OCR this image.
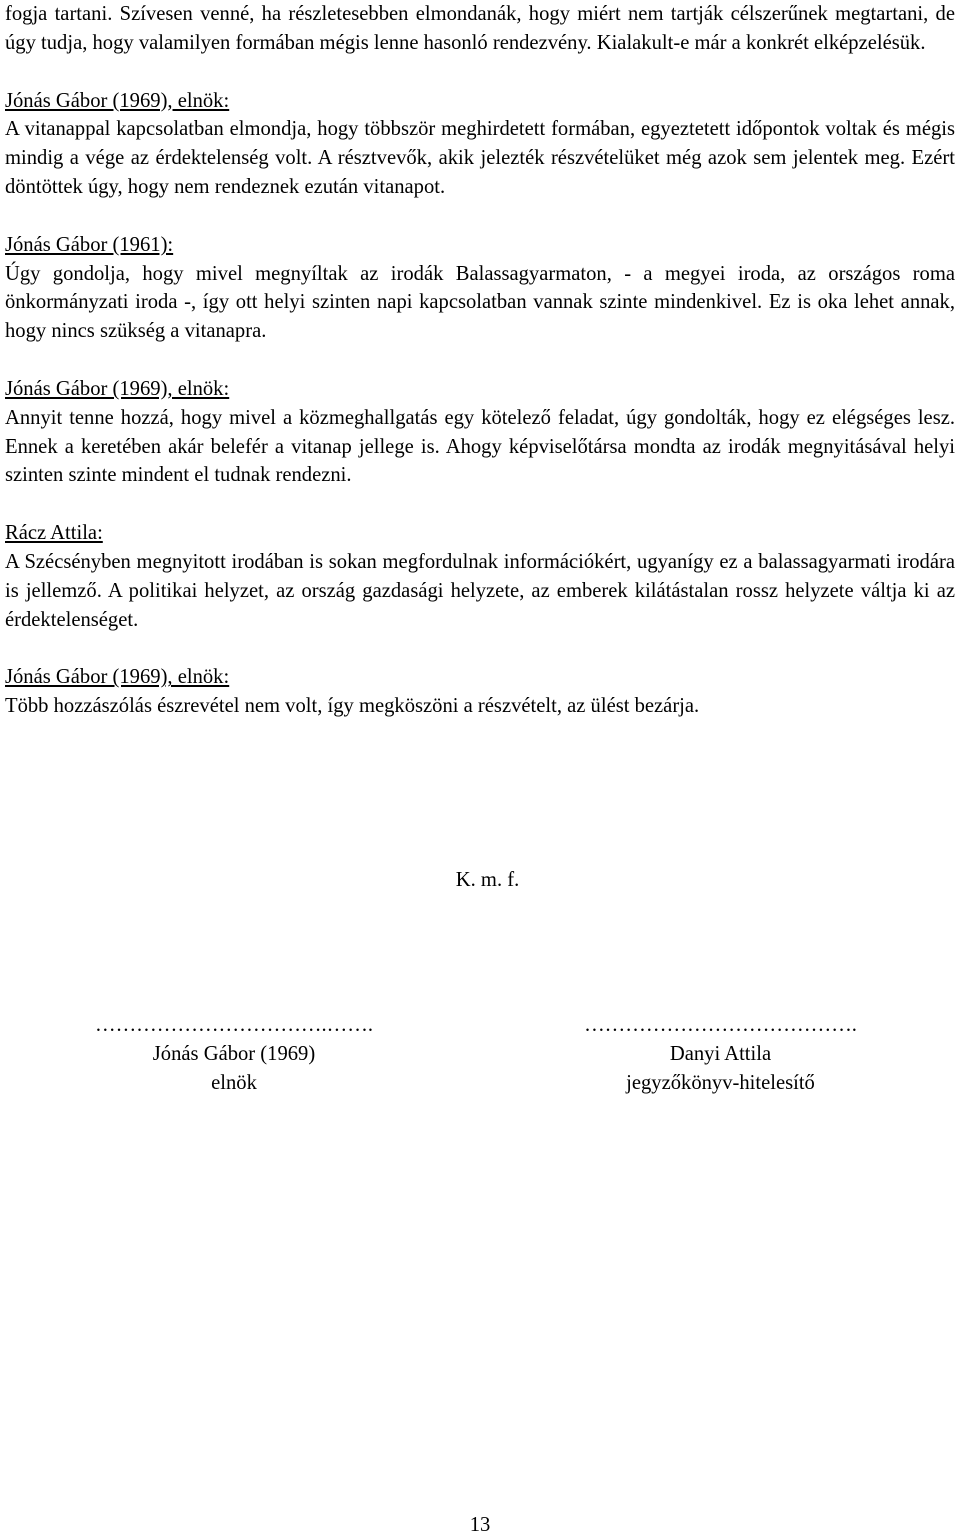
fogja tartani. Szívesen venné, ha részletesebben elmondanák, hogy miért nem tartják célszerűnek megtartani, de úgy tudja, hogy valamilyen formában mégis lenne hasonló rendezvény. Kialakult-e már a konkrét elképzelésük.

Jónás Gábor (1969), elnök:

A vitanappal kapcsolatban elmondja, hogy többször meghirdetett formában, egyeztetett időpontok voltak és mégis mindig a vége az érdektelenség volt. A résztvevők, akik jelezték részvételüket még azok sem jelentek meg. Ezért döntöttek úgy, hogy nem rendeznek ezután vitanapot.

Jónás Gábor (1961):

Úgy gondolja, hogy mivel megnyíltak az irodák Balassagyarmaton, - a megyei iroda, az országos roma önkormányzati iroda -, így ott helyi szinten napi kapcsolatban vannak szinte mindenkivel. Ez is oka lehet annak, hogy nincs szükség a vitanapra.

Jónás Gábor (1969), elnök:

Annyit tenne hozzá, hogy mivel a közmeghallgatás egy kötelező feladat, úgy gondolták, hogy ez elégséges lesz. Ennek a keretében akár belefér a vitanap jellege is. Ahogy képviselőtársa mondta az irodák megnyitásával helyi szinten szinte mindent el tudnak rendezni.

Rácz Attila:

A Szécsényben megnyitott irodában is sokan megfordulnak információkért, ugyanígy ez a balassagyarmati irodára is jellemző. A politikai helyzet, az ország gazdasági helyzete, az emberek kilátástalan rossz helyzete váltja ki az érdektelenséget.

Jónás Gábor (1969), elnök:

Több hozzászólás észrevétel nem volt, így megköszöni a részvételt, az ülést bezárja.

K. m. f.
…………………………….…….
Jónás Gábor (1969)
elnök
………………………………….
Danyi Attila
jegyzőkönyv-hitelesítő
13
